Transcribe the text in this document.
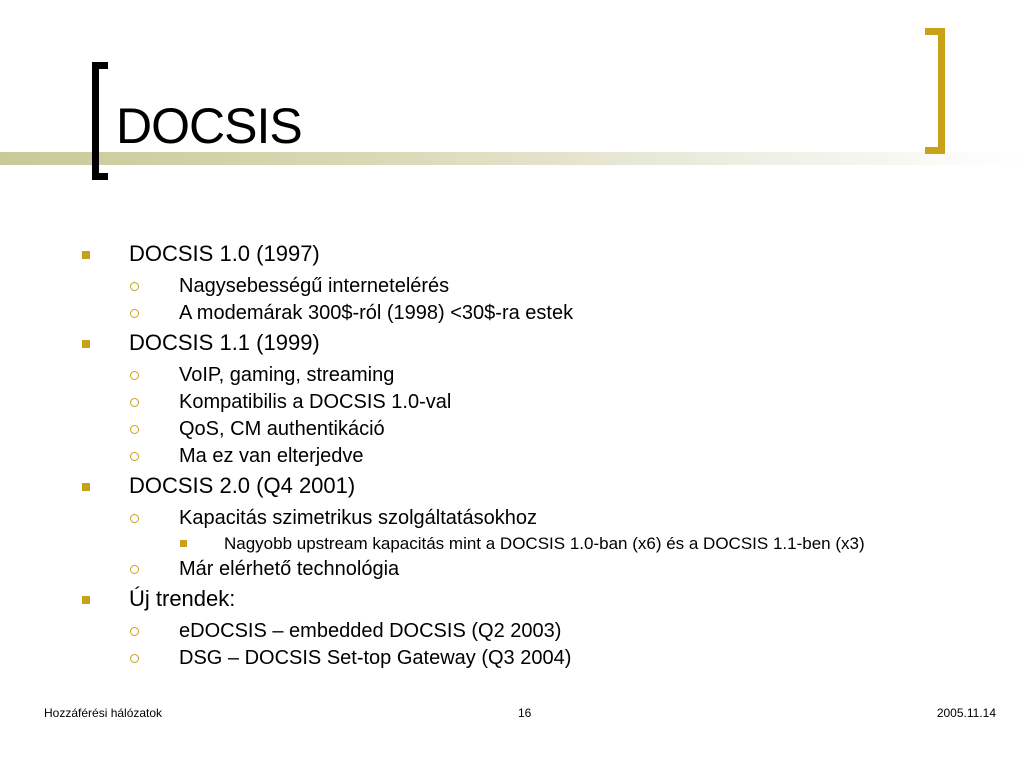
DOCSIS
DOCSIS 1.0 (1997)
Nagysebességű internetelérés
A modemárak 300$-ról (1998) <30$-ra estek
DOCSIS 1.1 (1999)
VoIP, gaming, streaming
Kompatibilis a DOCSIS 1.0-val
QoS, CM authentikáció
Ma ez van elterjedve
DOCSIS 2.0 (Q4 2001)
Kapacitás szimetrikus szolgáltatásokhoz
Nagyobb upstream kapacitás mint a DOCSIS 1.0-ban (x6) és a DOCSIS 1.1-ben (x3)
Már elérhető technológia
Új trendek:
eDOCSIS – embedded DOCSIS (Q2 2003)
DSG – DOCSIS Set-top Gateway (Q3 2004)
Hozzáférési hálózatok	16	2005.11.14
